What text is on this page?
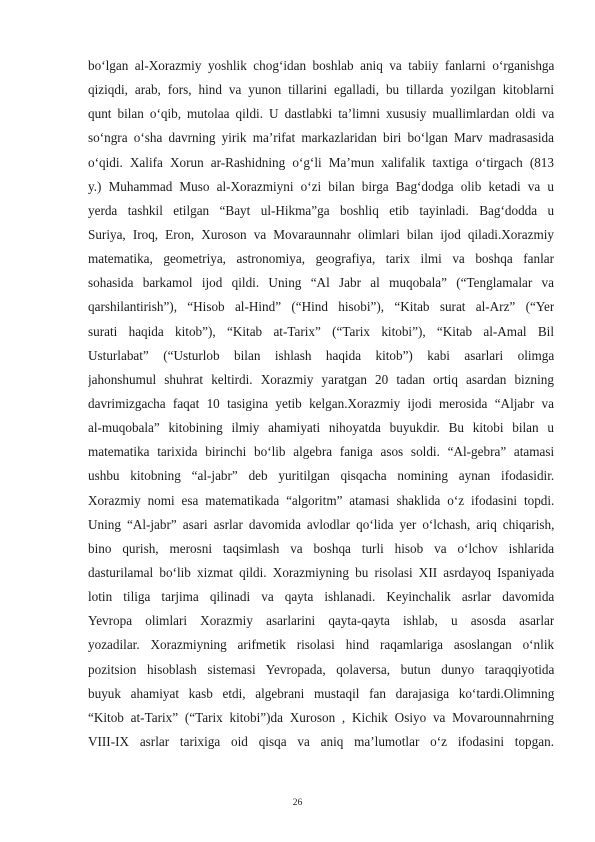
bo‘lgan al-Xorazmiy yoshlik chog‘idan boshlab aniq va tabiiy fanlarni o‘rganishga
qiziqdi, arab, fors, hind va yunon tillarini egalladi, bu tillarda yozilgan kitoblarni
qunt bilan o‘qib, mutolaa qildi. U dastlabki ta’limni xususiy muallimlardan oldi va
so‘ngra o‘sha davrning yirik ma’rifat markazlaridan biri bo‘lgan Marv madrasasida
o‘qidi. Xalifa Xorun ar-Rashidning o‘g‘li Ma’mun xalifalik taxtiga o‘tirgach (813
y.) Muhammad Muso al-Xorazmiyni o‘zi bilan birga Bag‘dodga olib ketadi va u
yerda tashkil etilgan “Bayt ul-Hikma”ga boshliq etib tayinladi. Bag‘dodda u
Suriya, Iroq, Eron, Xuroson va Movaraunnahr olimlari bilan ijod qiladi.Xorazmiy
matematika, geometriya, astronomiya, geografiya, tarix ilmi va boshqa fanlar
sohasida barkamol ijod qildi. Uning “Al Jabr al muqobala” (“Tenglamalar va
qarshilantirish”), “Hisob al-Hind” (“Hind hisobi”), “Kitab surat al-Arz” (“Yer
surati haqida kitob”), “Kitab at-Tarix” (“Tarix kitobi”), “Kitab al-Amal Bil
Usturlabat” (“Usturlob bilan ishlash haqida kitob”) kabi asarlari olimga
jahonshumul shuhrat keltirdi. Xorazmiy yaratgan 20 tadan ortiq asardan bizning
davrimizgacha faqat 10 tasigina yetib kelgan.Xorazmiy ijodi merosida “Aljabr va
al-muqobala” kitobining ilmiy ahamiyati nihoyatda buyukdir. Bu kitobi bilan u
matematika tarixida birinchi bo‘lib algebra faniga asos soldi. “Al-gebra” atamasi
ushbu kitobning “al-jabr” deb yuritilgan qisqacha nomining aynan ifodasidir.
Xorazmiy nomi esa matematikada “algoritm” atamasi shaklida o‘z ifodasini topdi.
Uning “Al-jabr” asari asrlar davomida avlodlar qo‘lida yer o‘lchash, ariq chiqarish,
bino qurish, merosni taqsimlash va boshqa turli hisob va o‘lchov ishlarida
dasturilamal bo‘lib xizmat qildi. Xorazmiyning bu risolasi XII asrdayoq Ispaniyada
lotin tiliga tarjima qilinadi va qayta ishlanadi. Keyinchalik asrlar davomida
Yevropa olimlari Xorazmiy asarlarini qayta-qayta ishlab, u asosda asarlar
yozadilar. Xorazmiyning arifmetik risolasi hind raqamlariga asoslangan o‘nlik
pozitsion hisoblash sistemasi Yevropada, qolaversa, butun dunyo taraqqiyotida
buyuk ahamiyat kasb etdi, algebrani mustaqil fan darajasiga ko‘tardi.Olimning
“Kitob at-Tarix” (“Tarix kitobi”)da Xuroson , Kichik Osiyo va Movarounnahrning
VIII-IX asrlar tarixiga oid qisqa va aniq ma’lumotlar o‘z ifodasini topgan.
26
